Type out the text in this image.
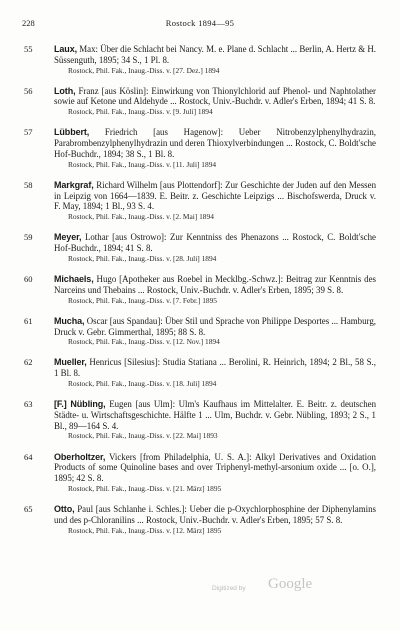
228	Rostock 1894—95
55 Laux, Max: Über die Schlacht bei Nancy. M. e. Plane d. Schlacht ... Berlin, A. Hertz & H. Süssenguth, 1895; 34 S., 1 Pl. 8.
Rostock, Phil. Fak., Inaug.-Diss. v. [27. Dez.] 1894
56 Loth, Franz [aus Köslin]: Einwirkung von Thionylchlorid auf Phenol- und Naphtolather sowie auf Ketone und Aldehyde ... Rostock, Univ.-Buchdr. v. Adler's Erben, 1894; 41 S. 8.
Rostock, Phil. Fak., Inaug.-Diss. v. [9. Juli] 1894
57 Lübbert, Friedrich [aus Hagenow]: Ueber Nitrobenzylphenylhydrazin, Parabrombenzylphenylhydrazin und deren Thioxylverbindungen ... Rostock, C. Boldt'sche Hof-Buchdr., 1894; 38 S., 1 Bl. 8.
Rostock, Phil. Fak., Inaug.-Diss. v. [11. Juli] 1894
58 Markgraf, Richard Wilhelm [aus Plottendorf]: Zur Geschichte der Juden auf den Messen in Leipzig von 1664—1839. E. Beitr. z. Geschichte Leipzigs ... Bischofswerda, Druck v. F. May, 1894; 1 Bl., 93 S. 4.
Rostock, Phil. Fak., Inaug.-Diss. v. [2. Mai] 1894
59 Meyer, Lothar [aus Ostrowo]: Zur Kenntniss des Phenazons ... Rostock, C. Boldt'sche Hof-Buchdr., 1894; 41 S. 8.
Rostock, Phil. Fak., Inaug.-Diss. v. [28. Juli] 1894
60 Michaels, Hugo [Apotheker aus Roebel in Mecklbg.-Schwz.]: Beitrag zur Kenntnis des Narceins und Thebains ... Rostock, Univ.-Buchdr. v. Adler's Erben, 1895; 39 S. 8.
Rostock, Phil. Fak., Inaug.-Diss. v. [7. Febr.] 1895
61 Mucha, Oscar [aus Spandau]: Über Stil und Sprache von Philippe Desportes ... Hamburg, Druck v. Gebr. Gimmerthal, 1895; 88 S. 8.
Rostock, Phil. Fak., Inaug.-Diss. v. [12. Nov.] 1894
62 Mueller, Henricus [Silesius]: Studia Statiana ... Berolini, R. Heinrich, 1894; 2 Bl., 58 S., 1 Bl. 8.
Rostock, Phil. Fak., Inaug.-Diss. v. [18. Juli] 1894
63 [F.] Nübling, Eugen [aus Ulm]: Ulm's Kaufhaus im Mittelalter. E. Beitr. z. deutschen Städte- u. Wirtschaftsgeschichte. Hälfte 1 ... Ulm, Buchdr. v. Gebr. Nübling, 1893; 2 S., 1 Bl., 89—164 S. 4.
Rostock, Phil. Fak., Inaug.-Diss. v. [22. Mai] 1893
64 Oberholtzer, Vickers [from Philadelphia, U. S. A.]: Alkyl Derivatives and Oxidation Products of some Quinoline bases and over Triphenyl-methyl-arsonium oxide ... [o. O.], 1895; 42 S. 8.
Rostock, Phil. Fak., Inaug.-Diss. v. [21. März] 1895
65 Otto, Paul [aus Schlanhe i. Schles.]: Ueber die p-Oxychlorphosphine der Diphenylamins und des p-Chloranilins ... Rostock, Univ.-Buchdr. v. Adler's Erben, 1895; 57 S. 8.
Rostock, Phil. Fak., Inaug.-Diss. v. [12. März] 1895
Digitized by Google
